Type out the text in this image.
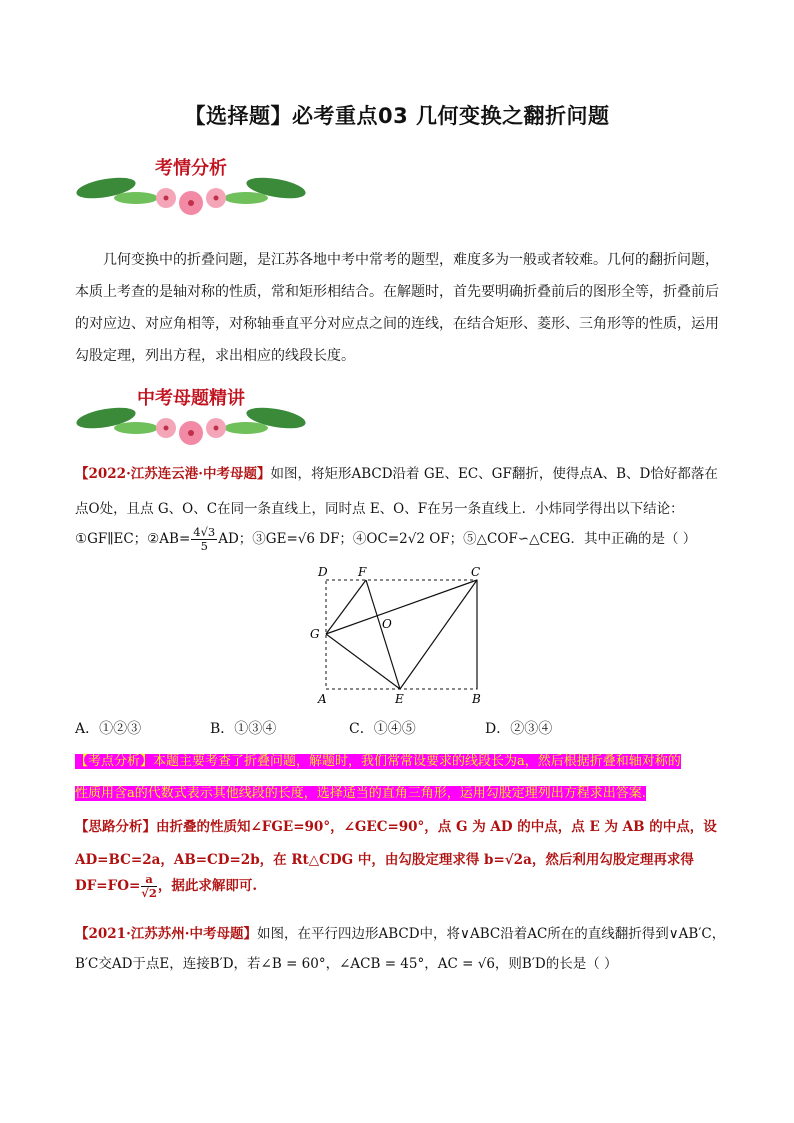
【选择题】必考重点03 几何变换之翻折问题
考情分析

几何变换中的折叠问题，是江苏各地中考中常考的题型，难度多为一般或者较难。几何的翻折问题，

本质上考查的是轴对称的性质，常和矩形相结合。在解题时，首先要明确折叠前后的图形全等，折叠前后

的对应边、对应角相等，对称轴垂直平分对应点之间的连线，在结合矩形、菱形、三角形等的性质，运用

勾股定理，列出方程，求出相应的线段长度。

中考母题精讲
【2022·江苏连云港·中考母题】如图，将矩形ABCD沿着 GE、EC、GF翻折，使得点A、B、D恰好都落在
点O处，且点 G、O、C在同一条直线上，同时点 E、O、F在另一条直线上．小炜同学得出以下结论：
①GF∥EC；②AB= $\frac{4√3}{5}AD$；③GE=√6 DF；④OC=2√2 OF；⑤△COF∽△CEG．其中正确的是（ ）
D	F	C
G
O
A	E	B
A．①②③	B．①③④	C．①④⑤	D．②③④
【考点分析】本题主要考查了折叠问题，解题时，我们常常设要求的线段长为a，然后根据折叠和轴对称的
性质用含a的代数式表示其他线段的长度，选择适当的直角三角形，运用勾股定理列出方程求出答案.
【思路分析】由折叠的性质知∠FGE=90°，∠GEC=90°，点 G 为 AD 的中点，点 E 为 AB 的中点，设
AD=BC=2a，AB=CD=2b，在 Rt△CDG 中，由勾股定理求得 b=√2a，然后利用勾股定理再求得
$DF=FO= \frac{a}{√2}$，据此求解即可.
【2021·江苏苏州·中考母题】如图，在平行四边形ABCD中，将∨ABC沿着AC所在的直线翻折得到∨AB′C，
B′C交AD于点E，连接B′D，若∠B = 60°，∠ACB = 45°，AC = √6，则B′D的长是（ ）
